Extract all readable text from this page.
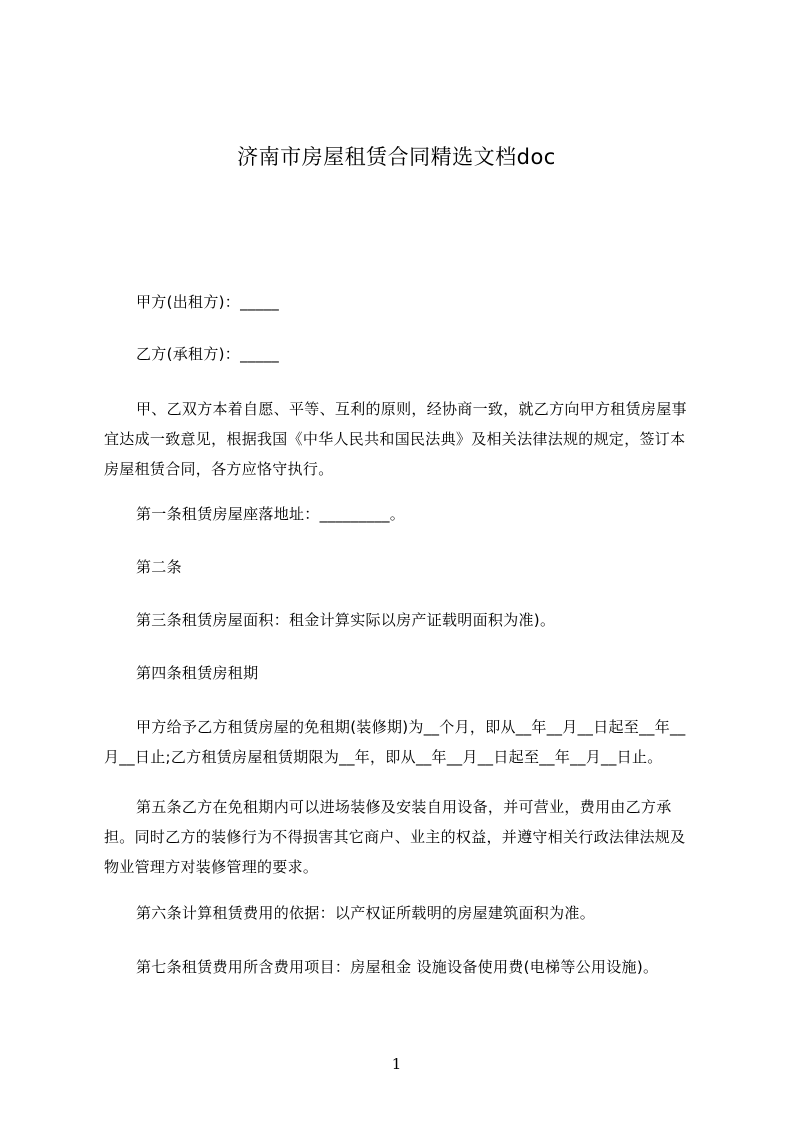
济南市房屋租赁合同精选文档doc
甲方(出租方)：_____
乙方(承租方)：_____
甲、乙双方本着自愿、平等、互利的原则，经协商一致，就乙方向甲方租赁房屋事宜达成一致意见，根据我国《中华人民共和国民法典》及相关法律法规的规定，签订本房屋租赁合同，各方应恪守执行。
第一条租赁房屋座落地址：_________。
第二条
第三条租赁房屋面积：租金计算实际以房产证载明面积为准)。
第四条租赁房租期
甲方给予乙方租赁房屋的免租期(装修期)为__个月，即从__年__月__日起至__年__月__日止;乙方租赁房屋租赁期限为__年，即从__年__月__日起至__年__月__日止。
第五条乙方在免租期内可以进场装修及安装自用设备，并可营业，费用由乙方承担。同时乙方的装修行为不得损害其它商户、业主的权益，并遵守相关行政法律法规及物业管理方对装修管理的要求。
第六条计算租赁费用的依据：以产权证所载明的房屋建筑面积为准。
第七条租赁费用所含费用项目：房屋租金 设施设备使用费(电梯等公用设施)。
1
